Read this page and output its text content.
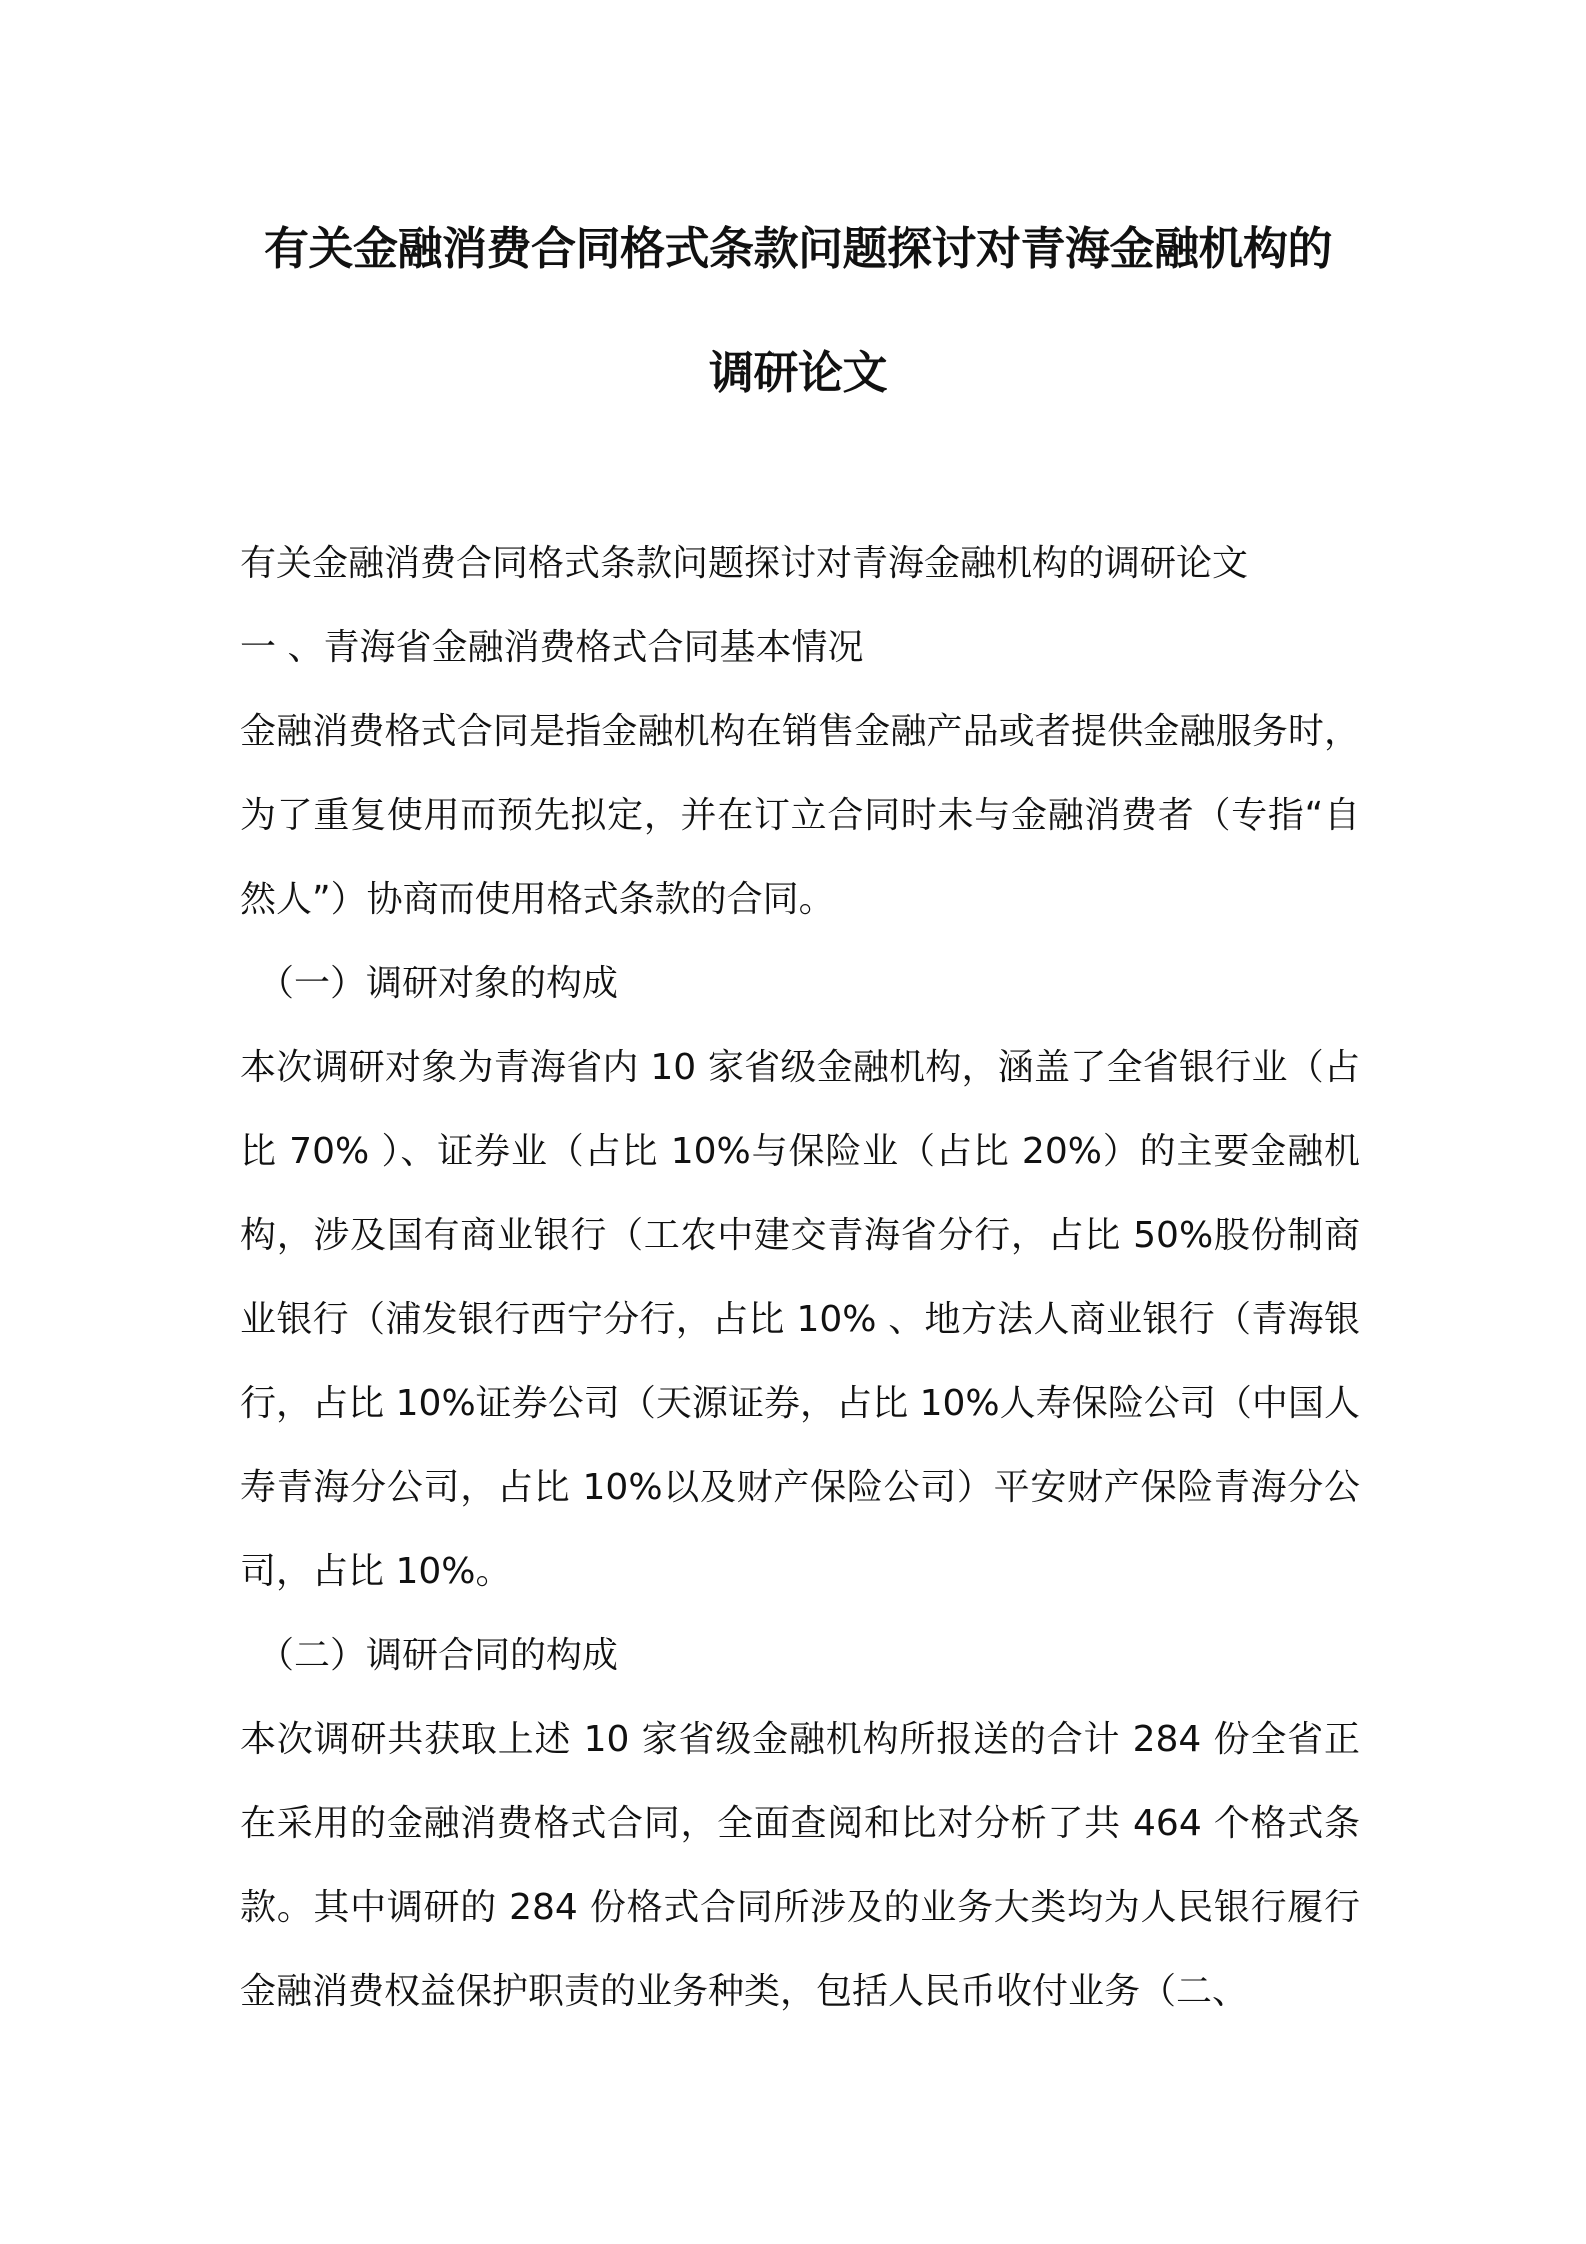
有关金融消费合同格式条款问题探讨对青海金融机构的
调研论文

有关金融消费合同格式条款问题探讨对青海金融机构的调研论文

一 、青海省金融消费格式合同基本情况

金融消费格式合同是指金融机构在销售金融产品或者提供金融服务时，为了重复使用而预先拟定，并在订立合同时未与金融消费者（专指“自然人”）协商而使用格式条款的合同。

（一）调研对象的构成

本次调研对象为青海省内 10 家省级金融机构，涵盖了全省银行业（占比 70% ）、证券业（占比 10%与保险业（占比 20%）的主要金融机构，涉及国有商业银行（工农中建交青海省分行，占比 50%股份制商业银行（浦发银行西宁分行，占比 10% 、地方法人商业银行（青海银行，占比 10%证券公司（天源证券，占比 10%人寿保险公司（中国人寿青海分公司，占比 10%以及财产保险公司）平安财产保险青海分公司，占比 10%。

（二）调研合同的构成

本次调研共获取上述 10 家省级金融机构所报送的合计 284 份全省正在采用的金融消费格式合同，全面查阅和比对分析了共 464 个格式条款。其中调研的 284 份格式合同所涉及的业务大类均为人民银行履行金融消费权益保护职责的业务种类，包括人民币收付业务（二、
